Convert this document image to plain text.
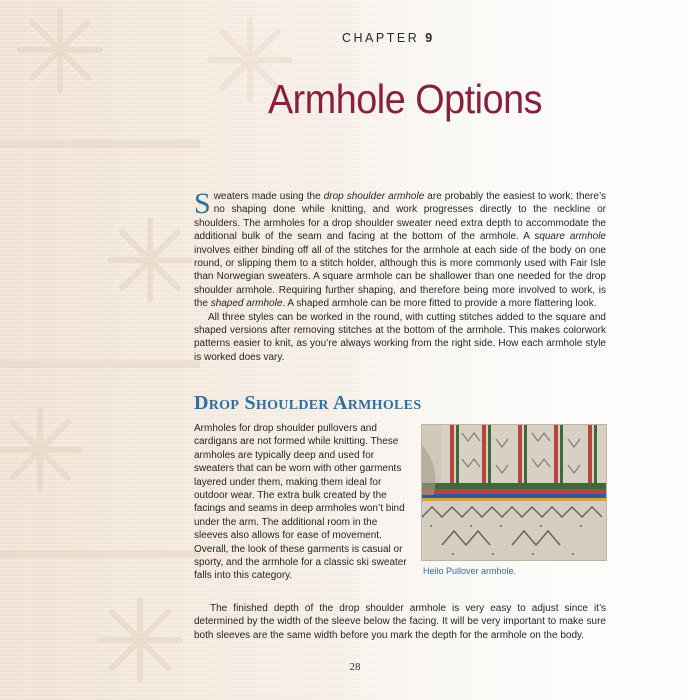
CHAPTER 9
Armhole Options

Sweaters made using the drop shoulder armhole are probably the easiest to work; there’s no shaping done while knitting, and work progresses directly to the neckline or shoulders. The armholes for a drop shoulder sweater need extra depth to accommodate the additional bulk of the seam and facing at the bottom of the armhole. A square armhole involves either binding off all of the stitches for the armhole at each side of the body on one round, or slipping them to a stitch holder, although this is more commonly used with Fair Isle than Norwegian sweaters. A square armhole can be shallower than one needed for the drop shoulder armhole. Requiring further shaping, and therefore being more involved to work, is the shaped armhole. A shaped armhole can be more fitted to provide a more flattering look.

All three styles can be worked in the round, with cutting stitches added to the square and shaped versions after removing stitches at the bottom of the armhole. This makes colorwork patterns easier to knit, as you’re always working from the right side. How each armhole style is worked does vary.

Drop Shoulder Armholes

Armholes for drop shoulder pullovers and cardigans are not formed while knitting. These armholes are typically deep and used for sweaters that can be worn with other garments layered under them, making them ideal for outdoor wear. The extra bulk created by the facings and seams in deep armholes won’t bind under the arm. The additional room in the sleeves also allows for ease of movement. Overall, the look of these garments is casual or sporty, and the armhole for a classic ski sweater falls into this category.	Heilo Pullover armhole.

The finished depth of the drop shoulder armhole is very easy to adjust since it’s determined by the width of the sleeve below the facing. It will be very important to make sure both sleeves are the same width before you mark the depth for the armhole on the body.

28
